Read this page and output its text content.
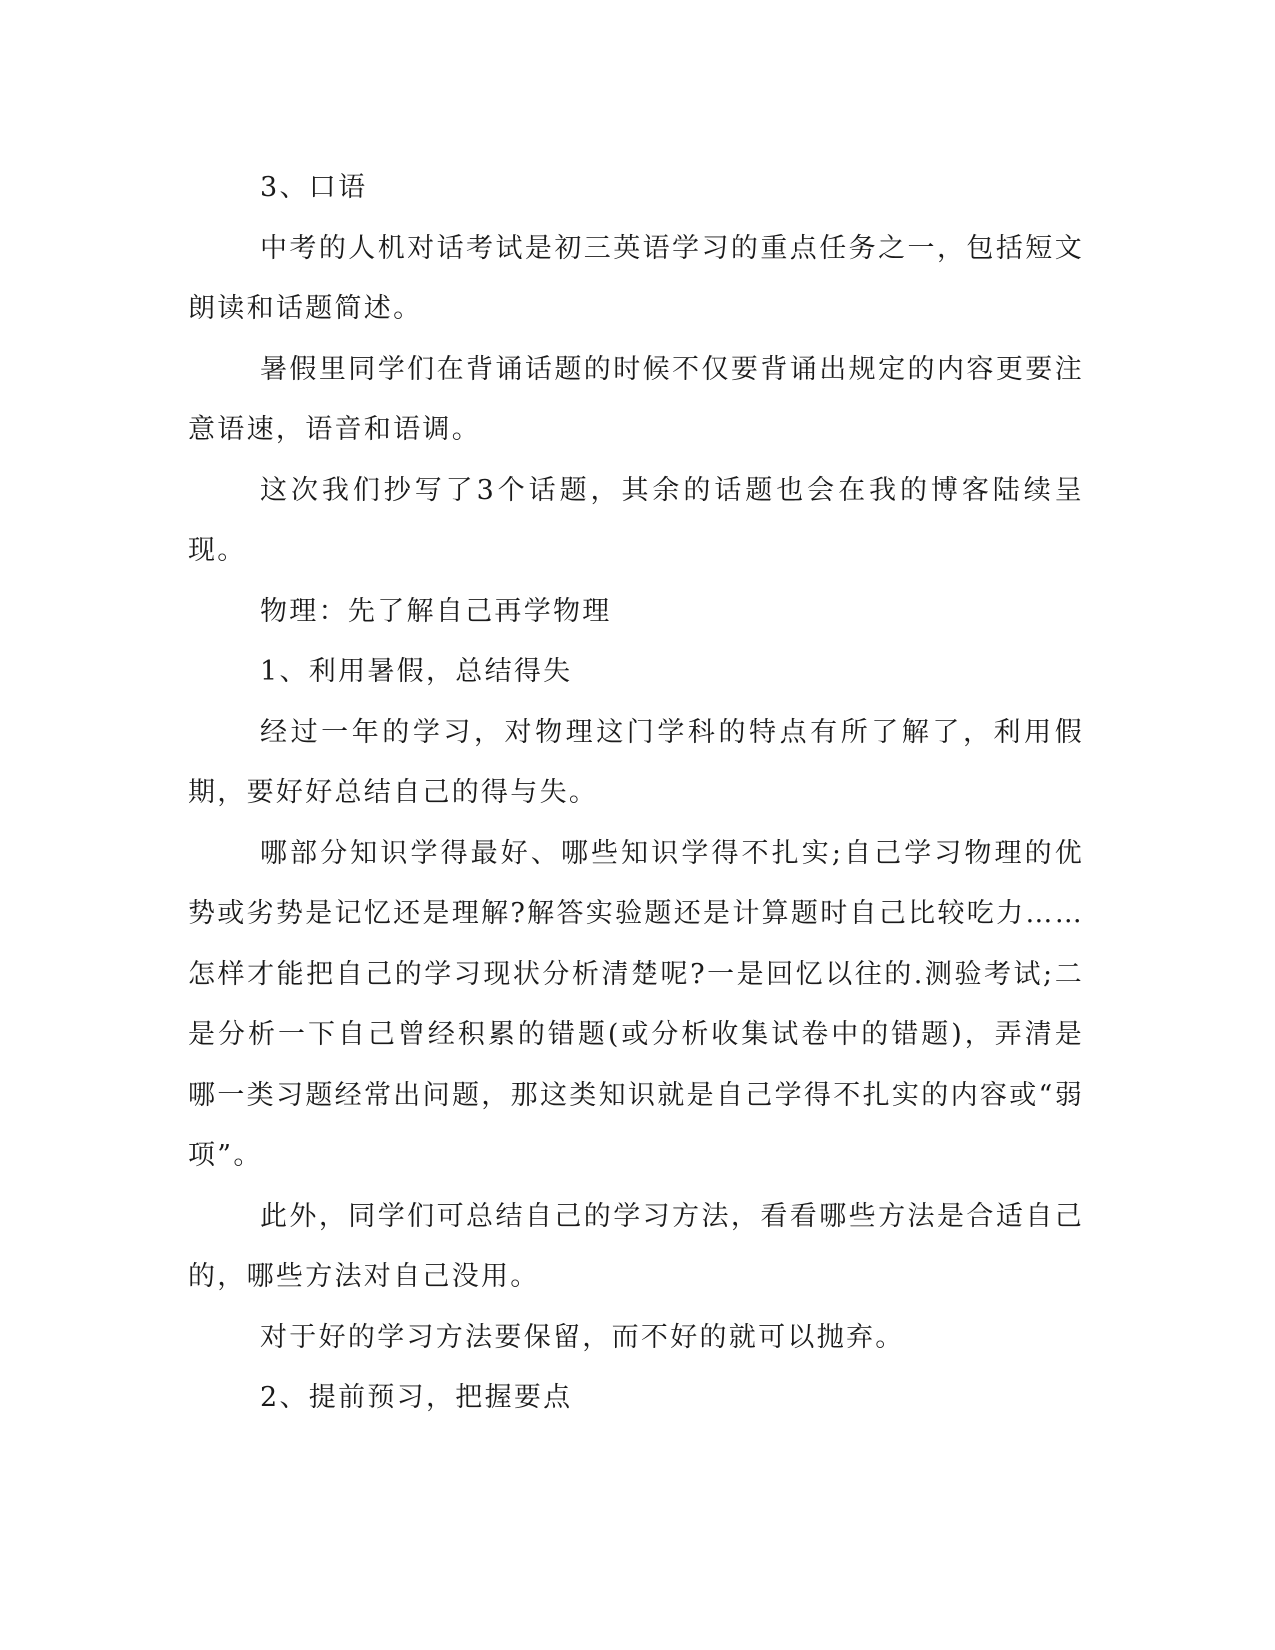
3、口语

中考的人机对话考试是初三英语学习的重点任务之一，包括短文朗读和话题简述。

暑假里同学们在背诵话题的时候不仅要背诵出规定的内容更要注意语速，语音和语调。

这次我们抄写了3个话题，其余的话题也会在我的博客陆续呈现。

物理：先了解自己再学物理

1、利用暑假，总结得失

经过一年的学习，对物理这门学科的特点有所了解了，利用假期，要好好总结自己的得与失。

哪部分知识学得最好、哪些知识学得不扎实;自己学习物理的优势或劣势是记忆还是理解?解答实验题还是计算题时自己比较吃力……怎样才能把自己的学习现状分析清楚呢?一是回忆以往的.测验考试;二是分析一下自己曾经积累的错题(或分析收集试卷中的错题)，弄清是哪一类习题经常出问题，那这类知识就是自己学得不扎实的内容或“弱项”。

此外，同学们可总结自己的学习方法，看看哪些方法是合适自己的，哪些方法对自己没用。

对于好的学习方法要保留，而不好的就可以抛弃。

2、提前预习，把握要点
